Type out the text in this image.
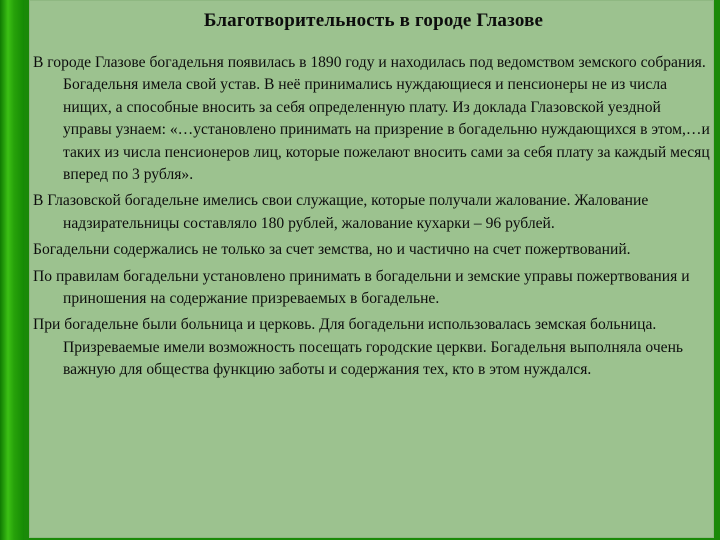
Благотворительность в городе Глазове

В городе Глазове богадельня появилась в 1890 году и находилась под ведомством земского собрания. Богадельня имела свой устав. В неё принимались нуждающиеся и пенсионеры не из числа нищих, а способные вносить за себя определенную плату. Из доклада Глазовской уездной управы узнаем: «…установлено принимать на призрение в богадельню нуждающихся в этом,…и таких из числа пенсионеров лиц, которые пожелают вносить сами за себя плату за каждый месяц вперед по 3 рубля».

В Глазовской богадельне имелись свои служащие, которые получали жалование. Жалование надзирательницы составляло 180 рублей, жалование кухарки – 96 рублей.

Богадельни содержались не только за счет земства, но и частично на счет пожертвований.

По правилам богадельни установлено принимать в богадельни и земские управы пожертвования и приношения на содержание призреваемых в богадельне.

При богадельне были больница и церковь. Для богадельни использовалась земская больница. Призреваемые имели возможность посещать городские церкви. Богадельня выполняла очень важную для общества функцию заботы и содержания тех, кто в этом нуждался.
